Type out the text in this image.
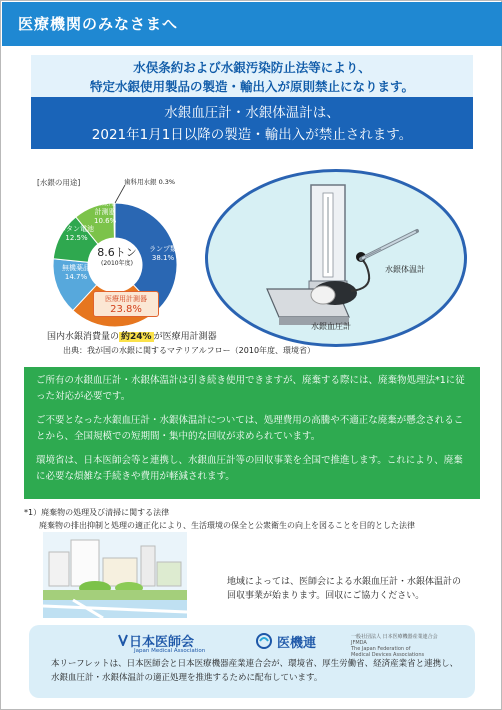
医療機関のみなさまへ
水俣条約および水銀汚染防止法等により、
特定水銀使用製品の製造・輸出入が原則禁止になります。
水銀血圧計・水銀体温計は、
2021年1月1日以降の製造・輸出入が禁止されます。
[水銀の用途]
ランプ類
38.1%
無機薬品
14.7%
ボタン電池
12.5%
工業用
計測器
10.6%
歯科用水銀 0.3%
8.6トン
(2010年度)
医療用計測器
23.8%
水銀体温計
水銀血圧計
国内水銀消費量の 約24% が医療用計測器
出典：我が国の水銀に関するマテリアルフロー（2010年度、環境省）

ご所有の水銀血圧計・水銀体温計は引き続き使用できますが、廃棄する際には、廃棄物処理法*1に従った対応が必要です。

ご不要となった水銀血圧計・水銀体温計については、処理費用の高騰や不適正な廃棄が懸念されることから、全国規模での短期間・集中的な回収が求められています。

環境省は、日本医師会等と連携し、水銀血圧計等の回収事業を全国で推進します。これにより、廃棄に必要な煩雑な手続きや費用が軽減されます。

*1）廃棄物の処理及び清掃に関する法律
廃棄物の排出抑制と処理の適正化により、生活環境の保全と公衆衛生の向上を図ることを目的とした法律
地域によっては、医師会による水銀血圧計・水銀体温計の
回収事業が始まります。回収にご協力ください。
日本医師会
Japan Medical Association	医機連	一般社団法人 日本医療機器産業連合会
JFMDA
The Japan Federation of
Medical Devices Associations
本リーフレットは、日本医師会と日本医療機器産業連合会が、環境省、厚生労働省、経済産業省と連携し、水銀血圧計・水銀体温計の適正処理を推進するために配布しています。
